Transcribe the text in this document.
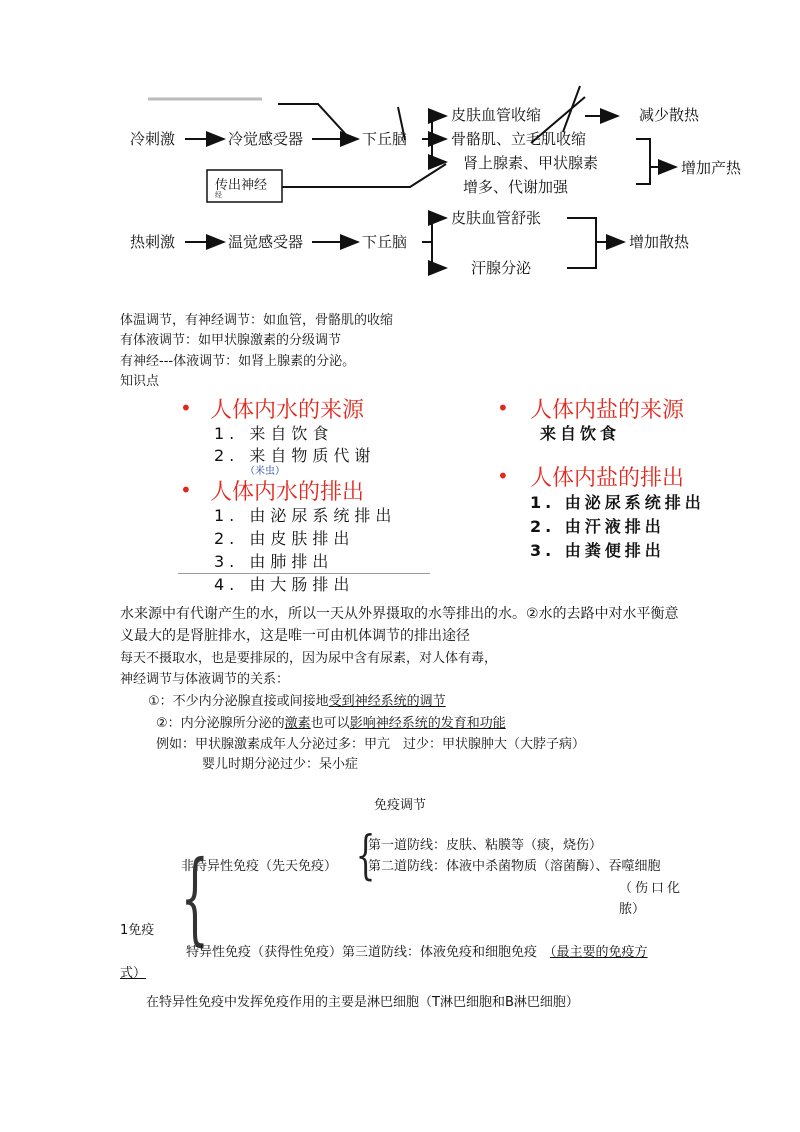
冷刺激	冷觉感受器	下丘脑
皮肤血管收缩
骨骼肌、立毛肌收缩
肾上腺素、甲状腺素
增多、代谢加强
减少散热
增加产热
传出神经
经
热刺激	温觉感受器	下丘脑
皮肤血管舒张
汗腺分泌
增加散热
体温调节，有神经调节：如血管，骨骼肌的收缩
有体液调节：如甲状腺激素的分级调节
有神经---体液调节：如肾上腺素的分泌。
知识点
• 人体内水的来源
1. 来自饮食
2. 来自物质代谢
（米虫）
• 人体内水的排出
1. 由泌尿系统排出
2. 由皮肤排出
3. 由肺排出
4. 由大肠排出
• 人体内盐的来源
来自饮食
• 人体内盐的排出
1. 由泌尿系统排出
2. 由汗液排出
3. 由粪便排出
水来源中有代谢产生的水，所以一天从外界摄取的水等排出的水。②水的去路中对水平衡意
义最大的是肾脏排水，这是唯一可由机体调节的排出途径
每天不摄取水，也是要排尿的，因为尿中含有尿素，对人体有毒，
神经调节与体液调节的关系：
①：不少内分泌腺直接或间接地受到神经系统的调节
②：内分泌腺所分泌的激素也可以影响神经系统的发育和功能
例如：甲状腺激素成年人分泌过多：甲亢　过少：甲状腺肿大（大脖子病）
婴儿时期分泌过少：呆小症
免疫调节
{
非特异性免疫（先天免疫）
第一道防线：皮肤、粘膜等（痰，烧伤）
第二道防线：体液中杀菌物质（溶菌酶）、吞噬细胞
（伤口化
脓）
{
1免疫
特异性免疫（获得性免疫）第三道防线：体液免疫和细胞免疫　 （最主要的免疫方
式）
在特异性免疫中发挥免疫作用的主要是淋巴细胞（T淋巴细胞和B淋巴细胞）
